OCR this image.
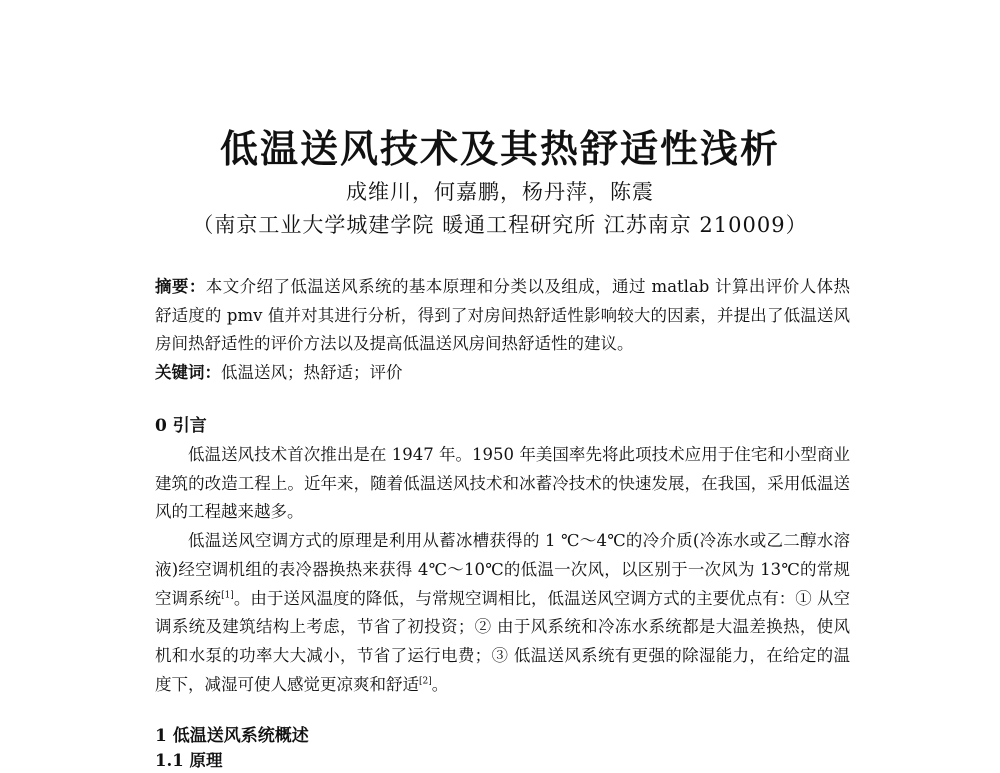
低温送风技术及其热舒适性浅析
成维川，何嘉鹏，杨丹萍，陈震
（南京工业大学城建学院 暖通工程研究所 江苏南京 210009）

摘要：本文介绍了低温送风系统的基本原理和分类以及组成，通过 matlab 计算出评价人体热舒适度的 pmv 值并对其进行分析，得到了对房间热舒适性影响较大的因素，并提出了低温送风房间热舒适性的评价方法以及提高低温送风房间热舒适性的建议。

关键词：低温送风；热舒适；评价

0 引言

低温送风技术首次推出是在 1947 年。1950 年美国率先将此项技术应用于住宅和小型商业建筑的改造工程上。近年来，随着低温送风技术和冰蓄冷技术的快速发展，在我国，采用低温送风的工程越来越多。

低温送风空调方式的原理是利用从蓄冰槽获得的 1 ℃～4℃的冷介质(冷冻水或乙二醇水溶液)经空调机组的表冷器换热来获得 4℃～10℃的低温一次风，以区别于一次风为 13℃的常规空调系统[1]。由于送风温度的降低，与常规空调相比，低温送风空调方式的主要优点有：① 从空调系统及建筑结构上考虑，节省了初投资；② 由于风系统和冷冻水系统都是大温差换热，使风机和水泵的功率大大减小，节省了运行电费；③ 低温送风系统有更强的除湿能力，在给定的温度下，减湿可使人感觉更凉爽和舒适[2]。

1 低温送风系统概述
1.1 原理
